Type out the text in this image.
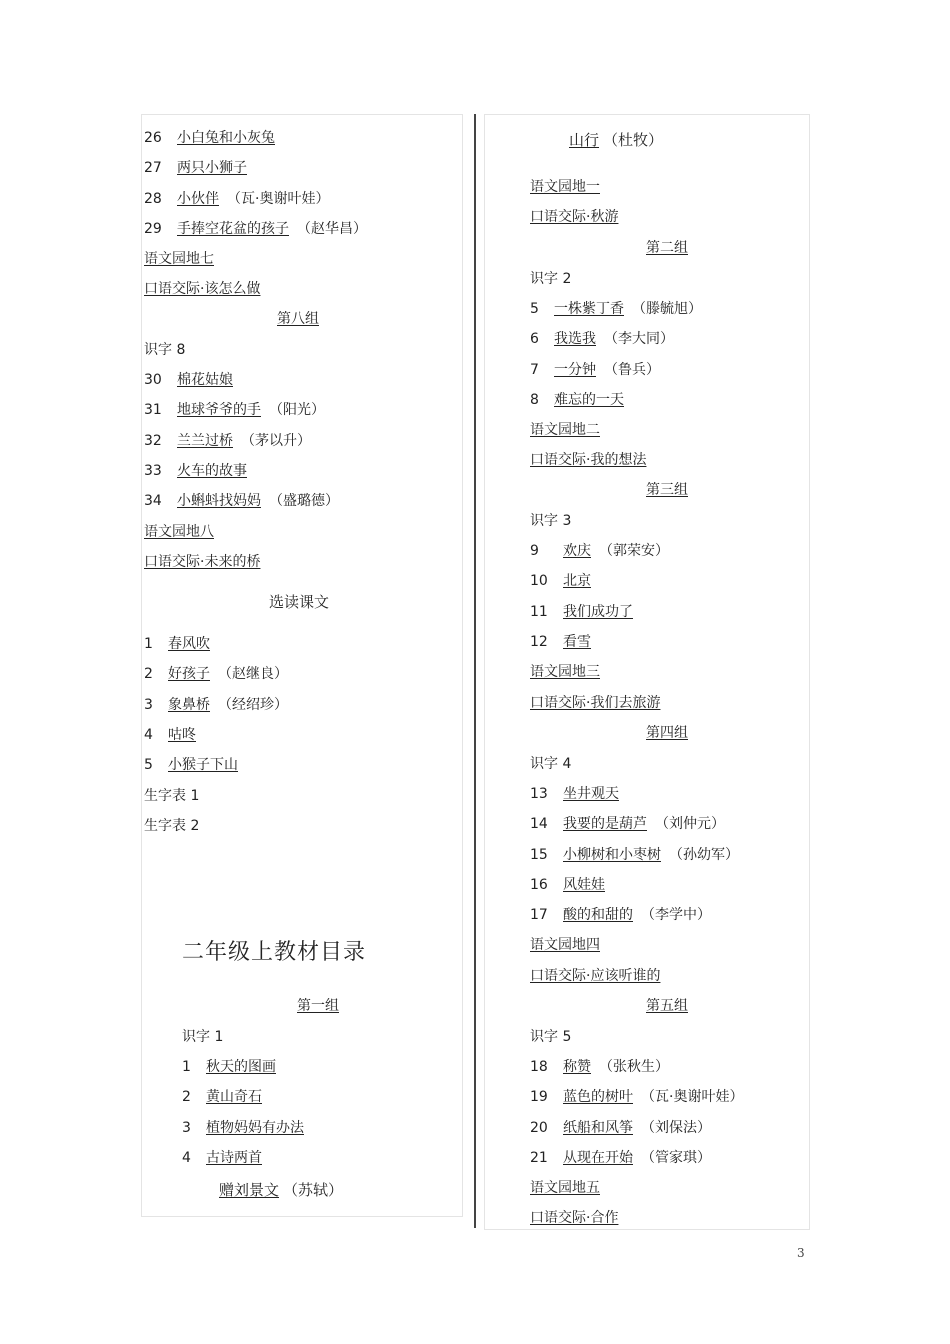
26 小白兔和小灰兔
27 两只小狮子
28 小伙伴 （瓦·奥谢叶娃）
29 手捧空花盆的孩子 （赵华昌）
语文园地七
口语交际·该怎么做
第八组
识字 8
30 棉花姑娘
31 地球爷爷的手 （阳光）
32 兰兰过桥 （茅以升）
33 火车的故事
34 小蝌蚪找妈妈 （盛璐德）
语文园地八
口语交际·未来的桥
选读课文
1 春风吹
2 好孩子 （赵继良）
3 象鼻桥 （经绍珍）
4 咕咚
5 小猴子下山
生字表 1
生字表 2
二年级上教材目录
第一组
识字 1
1 秋天的图画
2 黄山奇石
3 植物妈妈有办法
4 古诗两首
赠刘景文 （苏轼）
山行 （杜牧）
语文园地一
口语交际·秋游
第二组
识字 2
5 一株紫丁香 （滕毓旭）
6 我选我 （李大同）
7 一分钟 （鲁兵）
8 难忘的一天
语文园地二
口语交际·我的想法
第三组
识字 3
9 欢庆 （郭荣安）
10 北京
11 我们成功了
12 看雪
语文园地三
口语交际·我们去旅游
第四组
识字 4
13 坐井观天
14 我要的是葫芦 （刘仲元）
15 小柳树和小枣树 （孙幼军）
16 风娃娃
17 酸的和甜的 （李学中）
语文园地四
口语交际·应该听谁的
第五组
识字 5
18 称赞 （张秋生）
19 蓝色的树叶 （瓦·奥谢叶娃）
20 纸船和风筝 （刘保法）
21 从现在开始 （管家琪）
语文园地五
口语交际·合作
3
